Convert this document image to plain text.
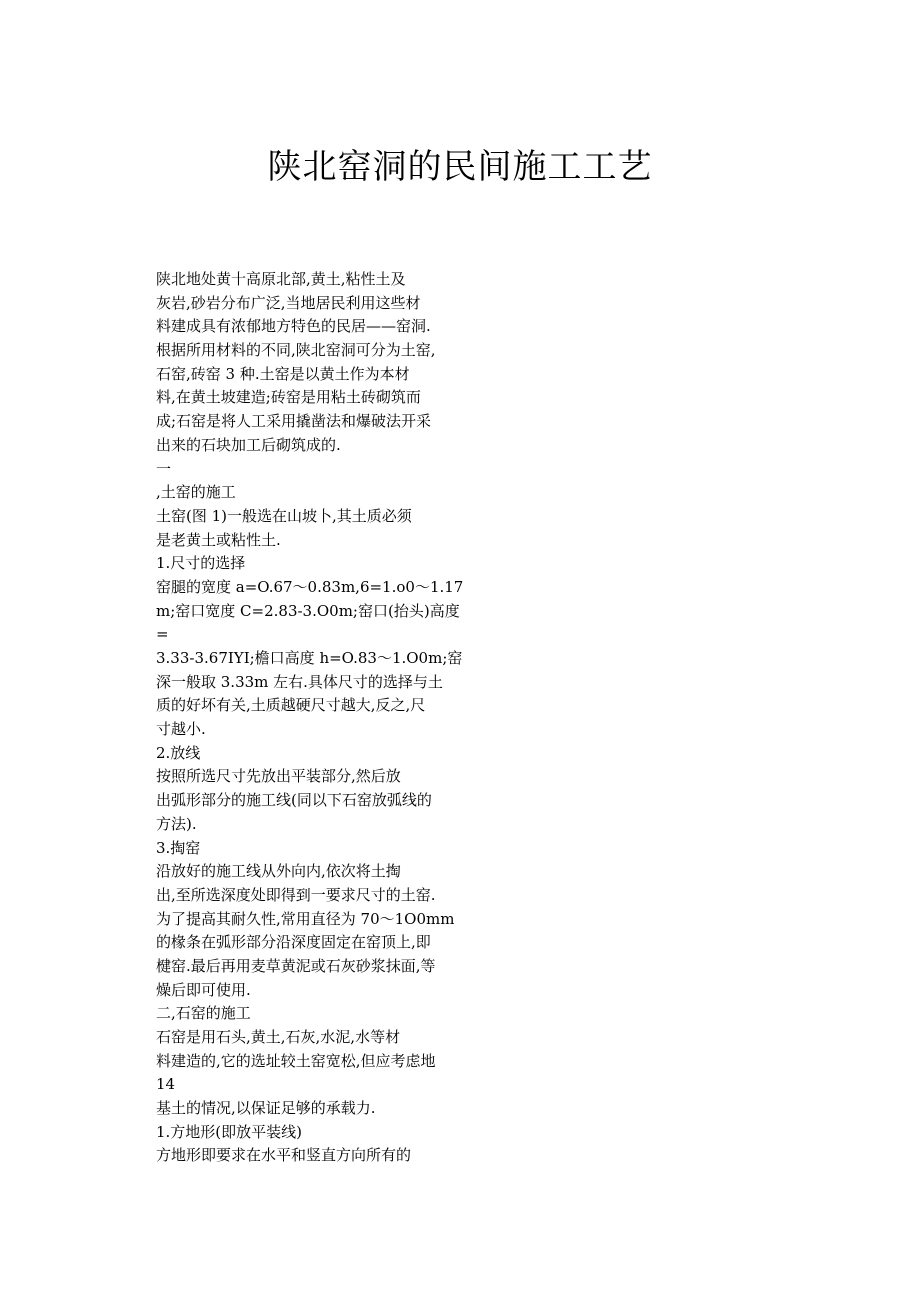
陕北窑洞的民间施工工艺
陕北地处黄十高原北部,黄土,粘性土及
灰岩,砂岩分布广泛,当地居民利用这些材
料建成具有浓郁地方特色的民居——窑洞.
根据所用材料的不同,陕北窑洞可分为土窑,
石窑,砖窑 3 种.土窑是以黄土作为本材
料,在黄土坡建造;砖窑是用粘土砖砌筑而
成;石窑是将人工采用撬凿法和爆破法开采
出来的石块加工后砌筑成的.
一
,土窑的施工
土窑(图 1)一般选在山坡卜,其土质必须
是老黄土或粘性土.
1.尺寸的选择
窑腿的宽度 a=O.67～0.83m,6=1.o0～1.17
m;窑口宽度 C=2.83-3.O0m;窑口(抬头)高度
=
3.33-3.67IYI;檐口高度 h=O.83～1.O0m;窑
深一般取 3.33m 左右.具体尺寸的选择与土
质的好坏有关,土质越硬尺寸越大,反之,尺
寸越小.
2.放线
按照所选尺寸先放出平装部分,然后放
出弧形部分的施工线(同以下石窑放弧线的
方法).
3.掏窑
沿放好的施工线从外向内,依次将土掏
出,至所选深度处即得到一要求尺寸的土窑.
为了提高其耐久性,常用直径为 70～1O0mm
的椽条在弧形部分沿深度固定在窑顶上,即
楗窑.最后再用麦草黄泥或石灰砂浆抹面,等
燥后即可使用.
二,石窑的施工
石窑是用石头,黄土,石灰,水泥,水等材
料建造的,它的选址较土窑宽松,但应考虑地
14
基土的情况,以保证足够的承载力.
1.方地形(即放平装线)
方地形即要求在水平和竖直方向所有的
